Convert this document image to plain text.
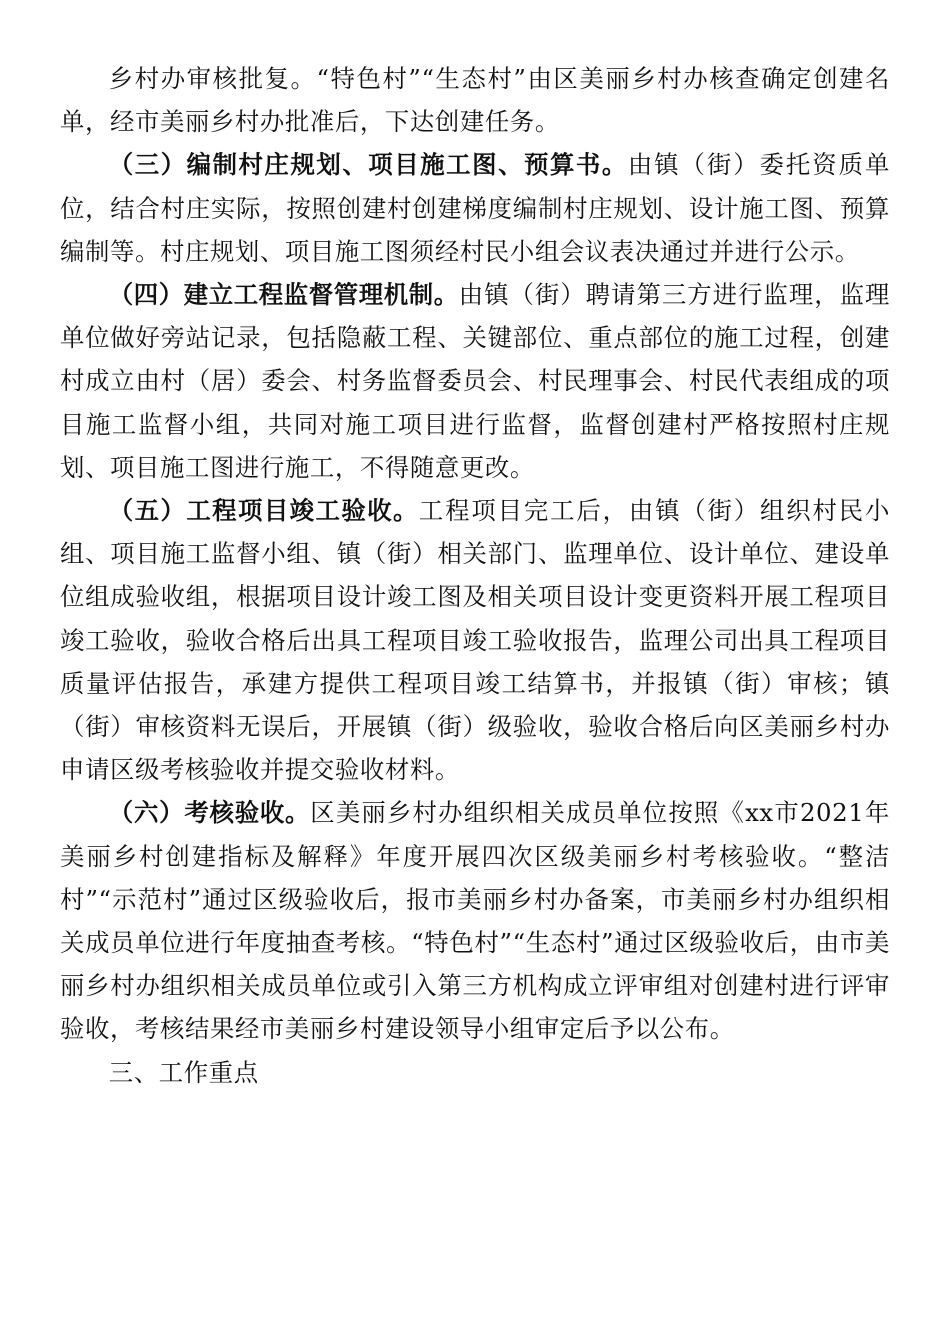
乡村办审核批复。“特色村”“生态村”由区美丽乡村办核查确定创建名单，经市美丽乡村办批准后，下达创建任务。

（三）编制村庄规划、项目施工图、预算书。由镇（街）委托资质单位，结合村庄实际，按照创建村创建梯度编制村庄规划、设计施工图、预算编制等。村庄规划、项目施工图须经村民小组会议表决通过并进行公示。

（四）建立工程监督管理机制。由镇（街）聘请第三方进行监理，监理单位做好旁站记录，包括隐蔽工程、关键部位、重点部位的施工过程，创建村成立由村（居）委会、村务监督委员会、村民理事会、村民代表组成的项目施工监督小组，共同对施工项目进行监督，监督创建村严格按照村庄规划、项目施工图进行施工，不得随意更改。

（五）工程项目竣工验收。工程项目完工后，由镇（街）组织村民小组、项目施工监督小组、镇（街）相关部门、监理单位、设计单位、建设单位组成验收组，根据项目设计竣工图及相关项目设计变更资料开展工程项目竣工验收，验收合格后出具工程项目竣工验收报告，监理公司出具工程项目质量评估报告，承建方提供工程项目竣工结算书，并报镇（街）审核；镇（街）审核资料无误后，开展镇（街）级验收，验收合格后向区美丽乡村办申请区级考核验收并提交验收材料。

（六）考核验收。区美丽乡村办组织相关成员单位按照《xx市2021年美丽乡村创建指标及解释》年度开展四次区级美丽乡村考核验收。“整洁村”“示范村”通过区级验收后，报市美丽乡村办备案，市美丽乡村办组织相关成员单位进行年度抽查考核。“特色村”“生态村”通过区级验收后，由市美丽乡村办组织相关成员单位或引入第三方机构成立评审组对创建村进行评审验收，考核结果经市美丽乡村建设领导小组审定后予以公布。

三、工作重点
